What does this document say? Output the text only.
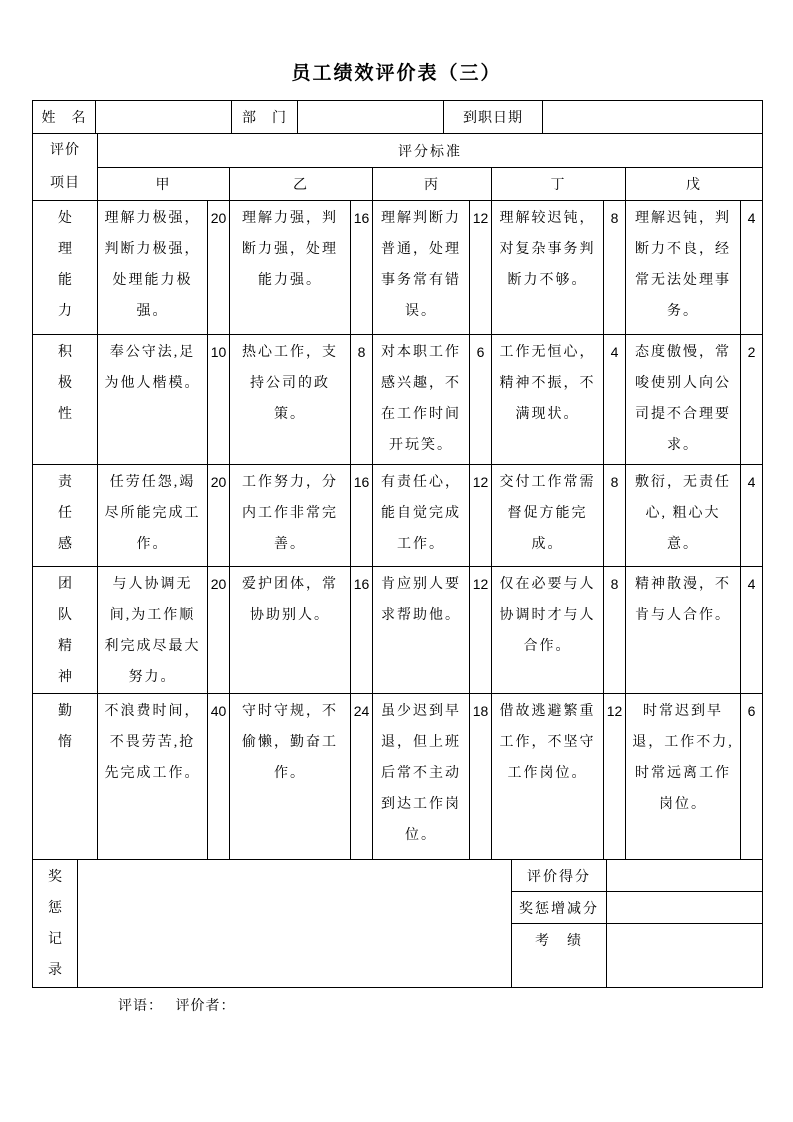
员工绩效评价表（三）
姓　名		部　门		到职日期	
评价项目	评分标准									
	甲		乙		丙		丁		戊	

处理能力	理解力极强，判断力极强，处理能力极强。	20	理解力强，判断力强，处理能力强。	16	理解判断力普通，处理事务常有错误。	12	理解较迟钝，对复杂事务判断力不够。	8	理解迟钝，判断力不良，经常无法处理事务。	4

积极性	奉公守法,足为他人楷模。	10	热心工作，支持公司的政策。	8	对本职工作感兴趣，不在工作时间开玩笑。	6	工作无恒心，精神不振，不满现状。	4	态度傲慢，常唆使别人向公司提不合理要求。	2

责任感	任劳任怨,竭尽所能完成工作。	20	工作努力，分内工作非常完善。	16	有责任心，能自觉完成工作。	12	交付工作常需督促方能完成。	8	敷衍，无责任心, 粗心大意。	4

团队精神	与人协调无间,为工作顺利完成尽最大努力。	20	爱护团体，常协助别人。	16	肯应别人要求帮助他。	12	仅在必要与人协调时才与人合作。	8	精神散漫，不肯与人合作。	4

勤惰	不浪费时间，不畏劳苦,抢先完成工作。	40	守时守规，不偷懒，勤奋工作。	24	虽少迟到早退，但上班后常不主动到达工作岗位。	18	借故逃避繁重工作，不坚守工作岗位。	12	时常迟到早退，工作不力,时常远离工作岗位。	6
奖惩记录		评价得分	
		奖惩增减分	
		考　绩	
评语： 评价者：
